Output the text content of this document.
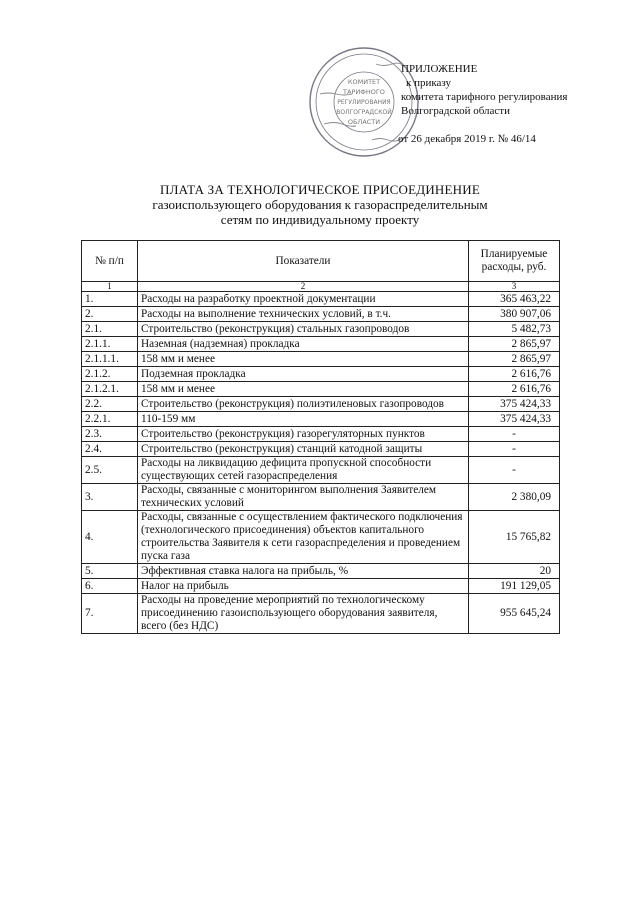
КОМИТЕТ
ТАРИФНОГО
РЕГУЛИРОВАНИЯ
ВОЛГОГРАДСКОЙ
ОБЛАСТИ
ПРИЛОЖЕНИЕ
к приказу
комитета тарифного регулирования
Волгоградской области
от 26 декабря 2019 г. № 46/14
ПЛАТА ЗА ТЕХНОЛОГИЧЕСКОЕ ПРИСОЕДИНЕНИЕ
газоиспользующего оборудования к газораспределительным
сетям по индивидуальному проекту
№ п/п	Показатели	Планируемые расходы, руб.
1	2	3
1.	Расходы на разработку проектной документации	365 463,22
2.	Расходы на выполнение технических условий, в т.ч.	380 907,06
2.1.	Строительство (реконструкция) стальных газопроводов	5 482,73
2.1.1.	Наземная (надземная) прокладка	2 865,97
2.1.1.1.	158 мм и менее	2 865,97
2.1.2.	Подземная прокладка	2 616,76
2.1.2.1.	158 мм и менее	2 616,76
2.2.	Строительство (реконструкция) полиэтиленовых газопроводов	375 424,33
2.2.1.	110-159 мм	375 424,33
2.3.	Строительство (реконструкция) газорегуляторных пунктов	-
2.4.	Строительство (реконструкция) станций катодной защиты	-
2.5.	Расходы на ликвидацию дефицита пропускной способности существующих сетей газораспределения	-
3.	Расходы, связанные с мониторингом выполнения Заявителем технических условий	2 380,09
4.	Расходы, связанные с осуществлением фактического подключения (технологического присоединения) объектов капитального строительства Заявителя к сети газораспределения и проведением пуска газа	15 765,82
5.	Эффективная ставка налога на прибыль, %	20
6.	Налог на прибыль	191 129,05
7.	Расходы на проведение мероприятий по технологическому присоединению газоиспользующего оборудования заявителя, всего (без НДС)	955 645,24
